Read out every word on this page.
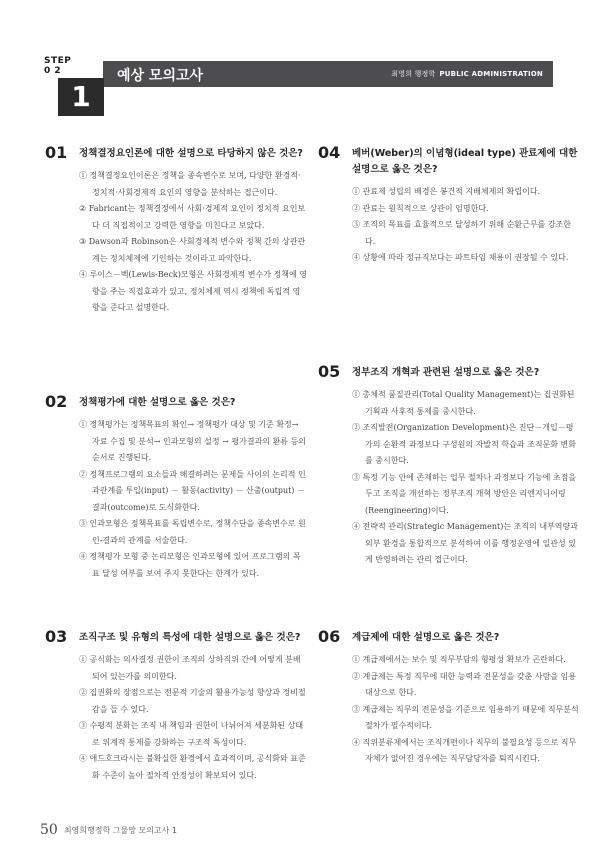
STEP
0 2	예상 모의고사	최영희 행정학 PUBLIC ADMINISTRATION
1
01 정책결정요인론에 대한 설명으로 타당하지 않은 것은?

① 정책결정요인이론은 정책을 종속변수로 보며, 다양한 환경적·정치적·사회경제적 요인의 영향을 분석하는 접근이다.

② Fabricant는 정책결정에서 사회·경제적 요인이 정치적 요인보다 더 직접적이고 강력한 영향을 미친다고 보았다.

③ Dawson과 Robinson은 사회경제적 변수와 정책 간의 상관관계는 정치체제에 기인하는 것이라고 파악한다.

④ 루이스－벡(Lewis-Beck)모형은 사회경제적 변수가 정책에 영향을 주는 직접효과가 있고, 정치체제 역시 정책에 독립적 영향을 준다고 설명한다.

02 정책평가에 대한 설명으로 옳은 것은?

① 정책평가는 정책목표의 확인→ 정책평가 대상 및 기준 확정→ 자료 수집 및 분석→ 인과모형의 설정 → 평가결과의 환류 등의 순서로 진행된다.

② 정책프로그램의 요소들과 해결하려는 문제들 사이의 논리적 인과관계를 투입(input) － 활동(activity) － 산출(output) － 결과(outcome)로 도식화한다.

③ 인과모형은 정책목표를 독립변수로, 정책수단을 종속변수로 원인-결과의 관계를 서술한다.

④ 정책평가 모형 중 논리모형은 인과모형에 있어 프로그램의 목표 달성 여부를 보여 주지 못한다는 한계가 있다.

03 조직구조 및 유형의 특성에 대한 설명으로 옳은 것은?

① 공식화는 의사결정 권한이 조직의 상하직위 간에 어떻게 분배되어 있는가를 의미한다.

② 집권화의 장점으로는 전문적 기술의 활용가능성 향상과 정비절감을 들 수 있다.

③ 수평적 분화는 조직 내 책임과 권한이 나뉘어져 세분화된 상태로 위계적 통제를 강화하는 구조적 특성이다.

④ 애드호크라시는 불확실한 환경에서 효과적이며, 공식화와 표준화 수준이 높아 절차적 안정성이 확보되어 있다.

04 베버(Weber)의 이념형(ideal type) 관료제에 대한 설명으로 옳은 것은?

① 관료제 성립의 배경은 봉건적 지배체제의 확립이다.

② 관료는 원칙적으로 상관이 임명한다.

③ 조직의 목표를 효율적으로 달성하기 위해 순환근무를 강조한다.

④ 상황에 따라 정규직보다는 파트타임 채용이 권장될 수 있다.

05 정부조직 개혁과 관련된 설명으로 옳은 것은?

① 총체적 품질관리(Total Quality Management)는 집권화된 기획과 사후적 통제를 중시한다.

② 조직발전(Organization Development)은 진단－개입－평가의 순환적 과정보다 구성원의 자발적 학습과 조직문화 변화를 중시한다.

③ 특정 기능 안에 존재하는 업무 절차나 과정보다 기능에 초점을 두고 조직을 개선하는 정부조직 개혁 방안은 리엔지니어링(Reengineering)이다.

④ 전략적 관리(Strategic Management)는 조직의 내부역량과 외부 환경을 통합적으로 분석하여 이를 행정운영에 일관성 있게 반영하려는 관리 접근이다.

06 계급제에 대한 설명으로 옳은 것은?

① 계급제에서는 보수 및 직무부담의 형평성 확보가 곤란하다.

② 계급제는 특정 직무에 대한 능력과 전문성을 갖춘 사람을 임용 대상으로 한다.

③ 계급제는 직무의 전문성을 기준으로 임용하기 때문에 직무분석 절차가 필수적이다.

④ 직위분류제에서는 조직개편이나 직무의 불필요성 등으로 직무 자체가 없어진 경우에는 직무담당자를 퇴직시킨다.

50 최영희행정학 그물망 모의고사 1
